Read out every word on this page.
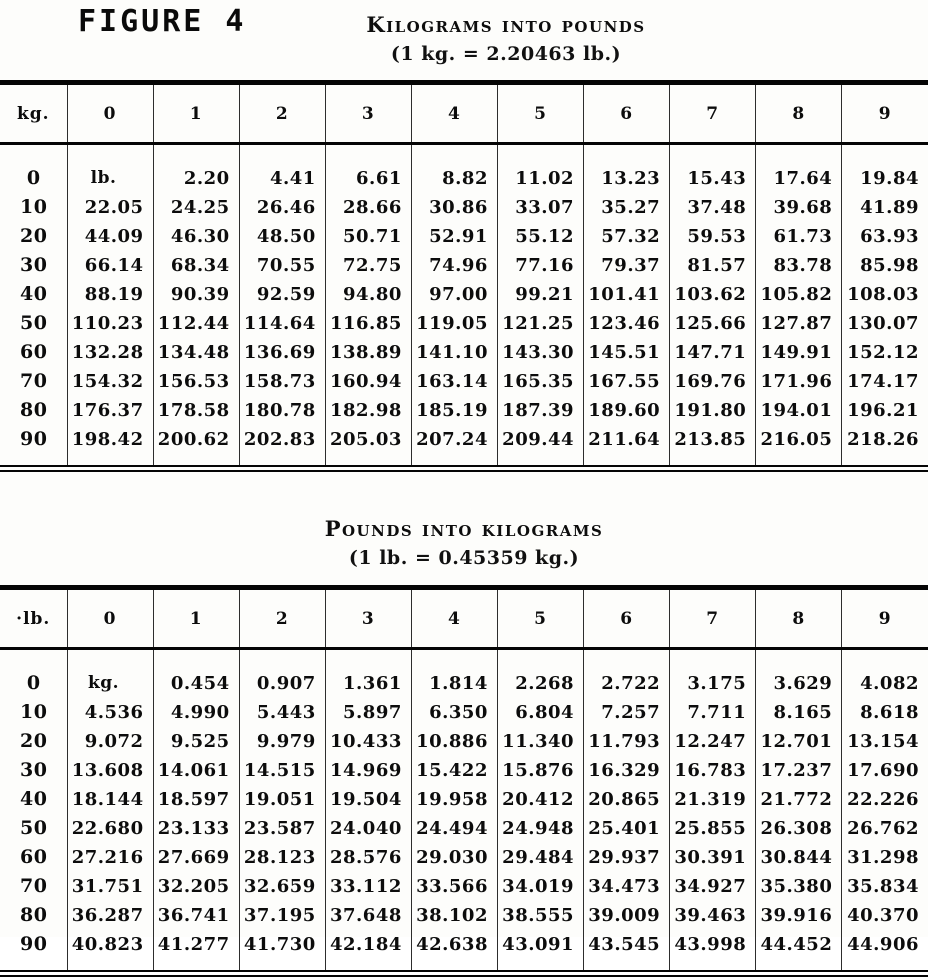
FIGURE 4	Kilograms into pounds
(1 kg. = 2.20463 lb.)
kg.	0	1	2	3	4	5	6	7	8	9
0	lb.	2.20	4.41	6.61	8.82	11.02	13.23	15.43	17.64	19.84
10	22.05	24.25	26.46	28.66	30.86	33.07	35.27	37.48	39.68	41.89
20	44.09	46.30	48.50	50.71	52.91	55.12	57.32	59.53	61.73	63.93
30	66.14	68.34	70.55	72.75	74.96	77.16	79.37	81.57	83.78	85.98
40	88.19	90.39	92.59	94.80	97.00	99.21	101.41	103.62	105.82	108.03
50	110.23	112.44	114.64	116.85	119.05	121.25	123.46	125.66	127.87	130.07
60	132.28	134.48	136.69	138.89	141.10	143.30	145.51	147.71	149.91	152.12
70	154.32	156.53	158.73	160.94	163.14	165.35	167.55	169.76	171.96	174.17
80	176.37	178.58	180.78	182.98	185.19	187.39	189.60	191.80	194.01	196.21
90	198.42	200.62	202.83	205.03	207.24	209.44	211.64	213.85	216.05	218.26
Pounds into kilograms
(1 lb. = 0.45359 kg.)
·lb.	0	1	2	3	4	5	6	7	8	9
0	kg.	0.454	0.907	1.361	1.814	2.268	2.722	3.175	3.629	4.082
10	4.536	4.990	5.443	5.897	6.350	6.804	7.257	7.711	8.165	8.618
20	9.072	9.525	9.979	10.433	10.886	11.340	11.793	12.247	12.701	13.154
30	13.608	14.061	14.515	14.969	15.422	15.876	16.329	16.783	17.237	17.690
40	18.144	18.597	19.051	19.504	19.958	20.412	20.865	21.319	21.772	22.226
50	22.680	23.133	23.587	24.040	24.494	24.948	25.401	25.855	26.308	26.762
60	27.216	27.669	28.123	28.576	29.030	29.484	29.937	30.391	30.844	31.298
70	31.751	32.205	32.659	33.112	33.566	34.019	34.473	34.927	35.380	35.834
80	36.287	36.741	37.195	37.648	38.102	38.555	39.009	39.463	39.916	40.370
90	40.823	41.277	41.730	42.184	42.638	43.091	43.545	43.998	44.452	44.906
